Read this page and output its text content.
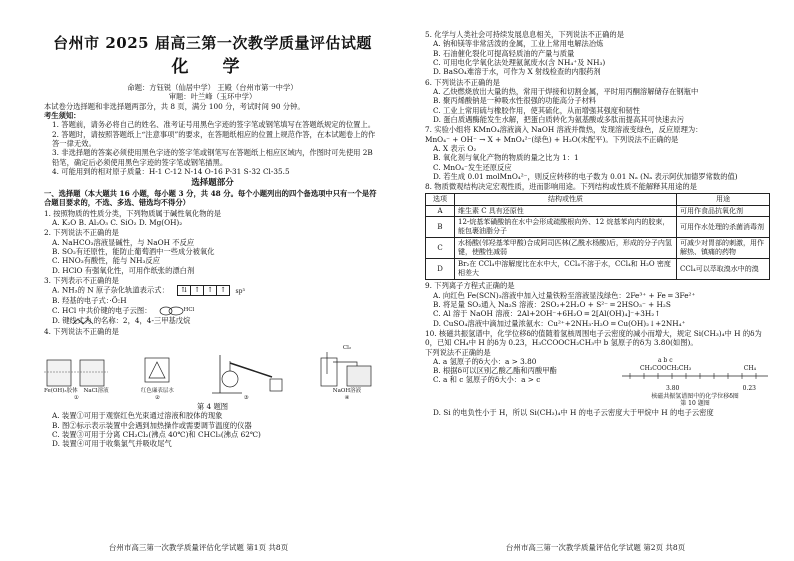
台州市 2025 届高三第一次教学质量评估试题
化 学
命题：方钰锐（仙居中学） 王殿（台州市第一中学）
审题：叶兰峰（玉环中学）
本试卷分选择题和非选择题两部分，共 8 页，满分 100 分，考试时间 90 分钟。
考生须知：
1. 答题前，请务必将自己的姓名、准考证号用黑色字迹的签字笔或钢笔填写在答题纸规定的位置上。
2. 答题时，请按照答题纸上“注意事项”的要求，在答题纸相应的位置上规范作答，在本试题卷上的作答一律无效。
3. 非选择题的答案必须使用黑色字迹的签字笔或钢笔写在答题纸上相应区域内，作图时可先使用 2B 铅笔，确定后必须使用黑色字迹的签字笔或钢笔描黑。
4. 可能用到的相对原子质量：H-1 C-12 N-14 O-16 P-31 S-32 Cl-35.5
选择题部分
一、选择题（本大题共 16 小题，每小题 3 分，共 48 分。每个小题列出的四个备选项中只有一个是符合题目要求的，不选、多选、错选均不得分）
1. 按照物质的性质分类，下列物质属于碱性氧化物的是
A. K₂O B. Al₂O₃ C. SiO₂ D. Mg(OH)₂
2. 下列说法不正确的是
A. NaHCO₃溶液显碱性，与 NaOH 不反应
B. SO₂有还原性，能防止葡萄酒中一些成分被氧化
C. HNO₃有酸性，能与 NH₃反应
D. HClO 有强氧化性，可用作纸张的漂白剂
3. 下列表示不正确的是
A. NH₃的 N 原子杂化轨道表示式： ⇅ ↑ ↑ ↑ sp³
B. 羟基的电子式：·Ö:H
C. HCl 中共价键的电子云图：	HCl
D. 键线式为 的名称：2，4，4-三甲基戊烷
4. 下列说法不正确的是
Fe(OH)₃胶体 NaCl溶液
①
红色廉表层水
②	③
Cl₂
NaOH溶液
④
第 4 题图
A. 装置①可用于观察红色光束通过溶液和胶体的现象
B. 图②标示表示装置中会遇到加热操作或需要调节温度的仪器
C. 装置③可用于分离 CH₂Cl₂(沸点 40℃)和 CHCl₃(沸点 62℃)
D. 装置④可用于收集氯气并吸收尾气
台州市高三第一次教学质量评估化学试题 第1页 共8页
5. 化学与人类社会可持续发展息息相关，下列说法不正确的是
A. 钠和镁等非常活泼的金属，工业上常用电解法冶炼
B. 石油催化裂化可提高轻质油的产量与质量
C. 可用电化学氧化法处理氨氮废水(含 NH₄⁺及 NH₃)
D. BaSO₄难溶于水，可作为 X 射线检查的内服药剂
6. 下列说法不正确的是
A. 乙炔燃烧放出大量的热，常用于焊接和切割金属，平时用丙酮溶解储存在钢瓶中
B. 聚丙烯酸钠是一种吸水性很强的功能高分子材料
C. 工业上常用硫与橡胶作用，使其硫化，从而增强其强度和韧性
D. 蛋白质遇酶能发生水解，把蛋白质转化为氨基酸或多肽而提高其可快速去污
7. 实验小组将 KMnO₄溶液滴入 NaOH 溶液并微热，发现溶液变绿色，反应原理为：
MnO₄⁻ + OH⁻ → X + MnO₄²⁻(绿色) + H₂O(未配平)。下列说法不正确的是
A. X 表示 O₂
B. 氧化剂与氧化产物的物质的量之比为 1：1
C. MnO₄⁻发生还原反应
D. 若生成 0.01 molMnO₄²⁻，则反应转移的电子数为 0.01 Nₐ (Nₐ 表示阿伏加德罗常数的值)
8. 物质微观结构决定宏观性质，进而影响用途。下列结构或性质不能解释其用途的是
选项	结构或性质	用途
A	维生素 C 具有还原性	可用作食品抗氧化剂
B	12-烷基苯磺酸钠在水中会形成疏酸根向外、12 烷基苯向内的胶束，能包裹油脂分子	可用作水处理的杀菌消毒剂
C	水杨酸(邻羟基苯甲酸)合成阿司匹林(乙酰水杨酸)后，形成的分子内氢键，使酸性减弱	可减少对胃部的刺激，用作解热、镇痛的药物
D	Br₂在 CCl₄中溶解度比在水中大，CCl₄不溶于水，CCl₄和 H₂O 密度相差大	CCl₄可以萃取溴水中的溴
9. 下列离子方程式正确的是
A. 向红色 Fe(SCN)₃溶液中加入过量铁粉至溶液显浅绿色：2Fe³⁺ + Fe ═ 3Fe²⁺
B. 将足量 SO₂通入 Na₂S 溶液：2SO₂+2H₂O + S²⁻ ═ 2HSO₃⁻ + H₂S
C. Al 溶于 NaOH 溶液：2Al+2OH⁻+6H₂O ═ 2[Al(OH)₄]⁻+3H₂↑
D. CuSO₄溶液中滴加过量浓氨水：Cu²⁺+2NH₃·H₂O ═ Cu(OH)₂↓+2NH₄⁺
10. 核磁共振氢谱中，化学位移δ的值随着氢核周围电子云密度的减小而增大，规定 Si(CH₃)₄中 H 的δ为 0，已知 CH₄中 H 的δ为 0.23，H₃CCOOCH₂CH₃中 b 氢原子的δ为 3.80(如图)。
下列说法不正确的是
A. a 氢原子的δ大小：a > 3.80
B. 根据δ可以区别乙酸乙酯和丙酸甲酯
C. a 和 c 氢原子的δ大小：a > c
a b c
CH₃COOCH₂CH₃	CH₄
3.80	0.23
核磁共振氢谱图中的化学位移δ图
第 10 题图
D. Si 的电负性小于 H，所以 Si(CH₃)₄中 H 的电子云密度大于甲烷中 H 的电子云密度
台州市高三第一次教学质量评估化学试题 第2页 共8页
